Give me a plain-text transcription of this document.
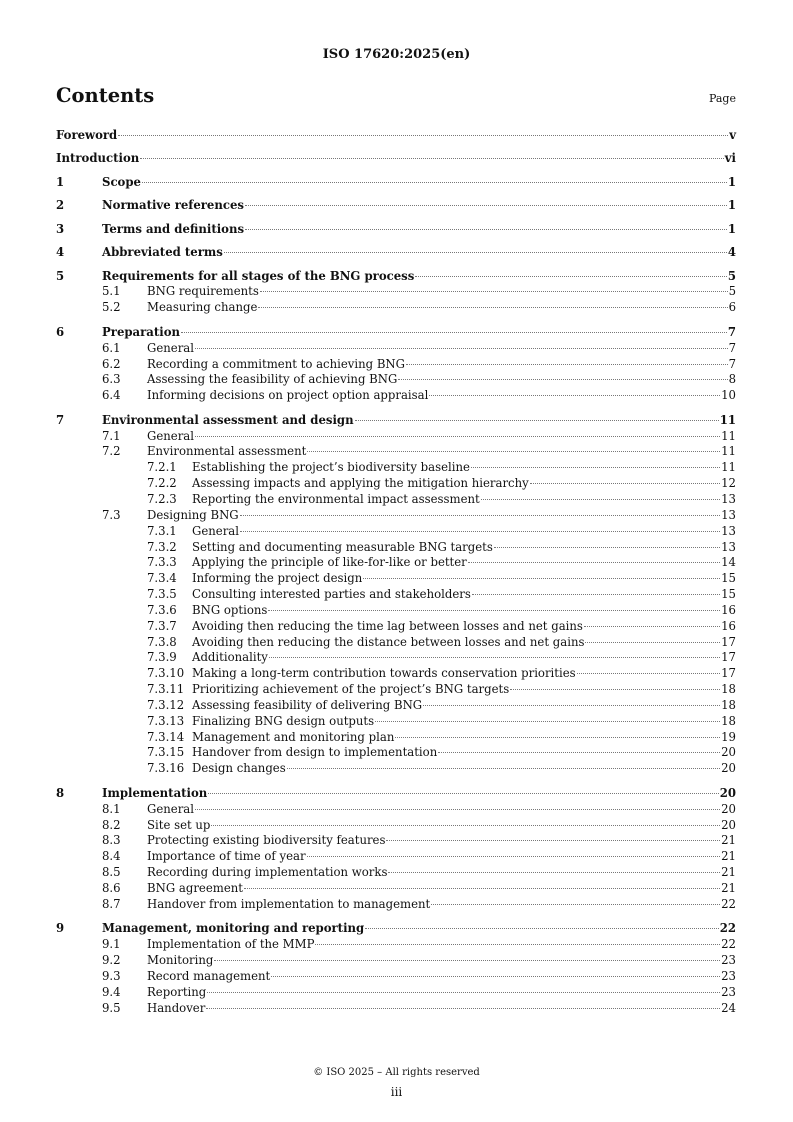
ISO 17620:2025(en)
Contents	Page
Foreword	v
Introduction	vi
1	Scope	1
2	Normative references	1
3	Terms and definitions	1
4	Abbreviated terms	4
5	Requirements for all stages of the BNG process	5
5.1 BNG requirements	5
5.2 Measuring change	6
6	Preparation	7
6.1 General	7
6.2 Recording a commitment to achieving BNG	7
6.3 Assessing the feasibility of achieving BNG	8
6.4 Informing decisions on project option appraisal	10
7	Environmental assessment and design	11
7.1 General	11
7.2 Environmental assessment	11
7.2.1 Establishing the project’s biodiversity baseline	11
7.2.2 Assessing impacts and applying the mitigation hierarchy	12
7.2.3 Reporting the environmental impact assessment	13
7.3 Designing BNG	13
7.3.1 General	13
7.3.2 Setting and documenting measurable BNG targets	13
7.3.3 Applying the principle of like-for-like or better	14
7.3.4 Informing the project design	15
7.3.5 Consulting interested parties and stakeholders	15
7.3.6 BNG options	16
7.3.7 Avoiding then reducing the time lag between losses and net gains	16
7.3.8 Avoiding then reducing the distance between losses and net gains	17
7.3.9 Additionality	17
7.3.10 Making a long-term contribution towards conservation priorities	17
7.3.11 Prioritizing achievement of the project’s BNG targets	18
7.3.12 Assessing feasibility of delivering BNG	18
7.3.13 Finalizing BNG design outputs	18
7.3.14 Management and monitoring plan	19
7.3.15 Handover from design to implementation	20
7.3.16 Design changes	20
8	Implementation	20
8.1 General	20
8.2 Site set up	20
8.3 Protecting existing biodiversity features	21
8.4 Importance of time of year	21
8.5 Recording during implementation works	21
8.6 BNG agreement	21
8.7 Handover from implementation to management	22
9	Management, monitoring and reporting	22
9.1 Implementation of the MMP	22
9.2 Monitoring	23
9.3 Record management	23
9.4 Reporting	23
9.5 Handover	24
© ISO 2025 – All rights reserved
iii
